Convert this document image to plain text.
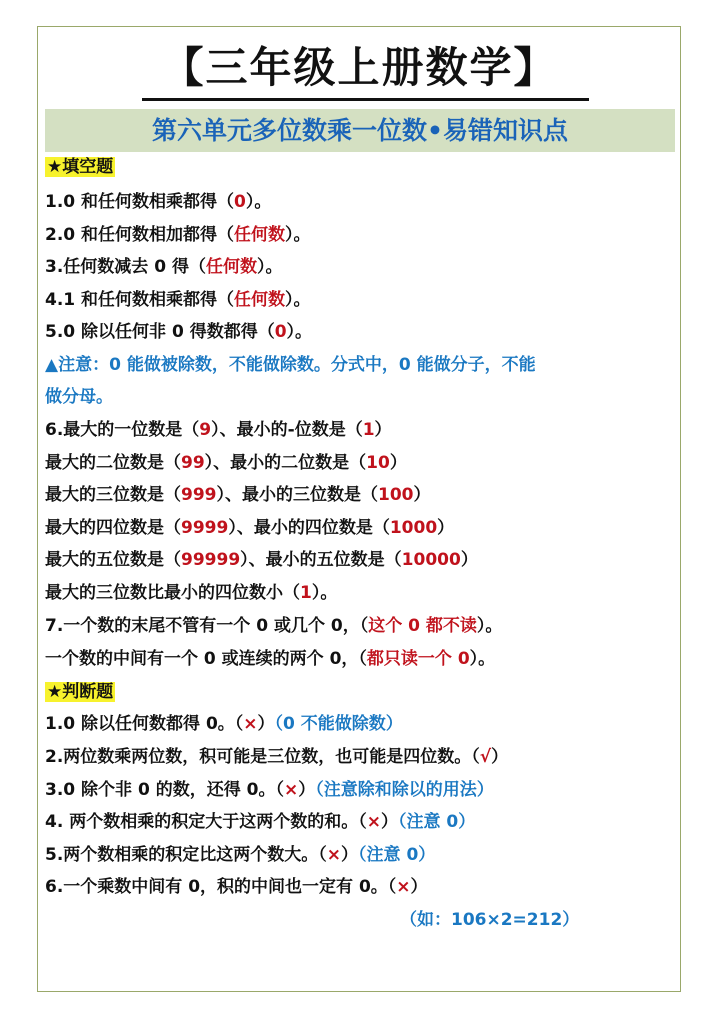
【三年级上册数学】
第六单元多位数乘一位数•易错知识点
★填空题
1.0 和任何数相乘都得（0）。
2.0 和任何数相加都得（任何数）。
3.任何数减去 0 得（任何数）。
4.1 和任何数相乘都得（任何数）。
5.0 除以任何非 0 得数都得（0）。
▲注意：0 能做被除数，不能做除数。分式中，0 能做分子，不能
做分母。
6.最大的一位数是（9）、最小的-位数是（1）
最大的二位数是（99）、最小的二位数是（10）
最大的三位数是（999）、最小的三位数是（100）
最大的四位数是（9999）、最小的四位数是（1000）
最大的五位数是（99999）、最小的五位数是（10000）
最大的三位数比最小的四位数小（1）。
7.一个数的末尾不管有一个 0 或几个 0，（这个 0 都不读）。
一个数的中间有一个 0 或连续的两个 0，（都只读一个 0）。
★判断题
1.0 除以任何数都得 0。（×）（0 不能做除数）
2.两位数乘两位数，积可能是三位数，也可能是四位数。（√）
3.0 除个非 0 的数，还得 0。（×）（注意除和除以的用法）
4. 两个数相乘的积定大于这两个数的和。（×）（注意 0）
5.两个数相乘的积定比这两个数大。（×）（注意 0）
6.一个乘数中间有 0，积的中间也一定有 0。（×）
（如：106×2=212）
